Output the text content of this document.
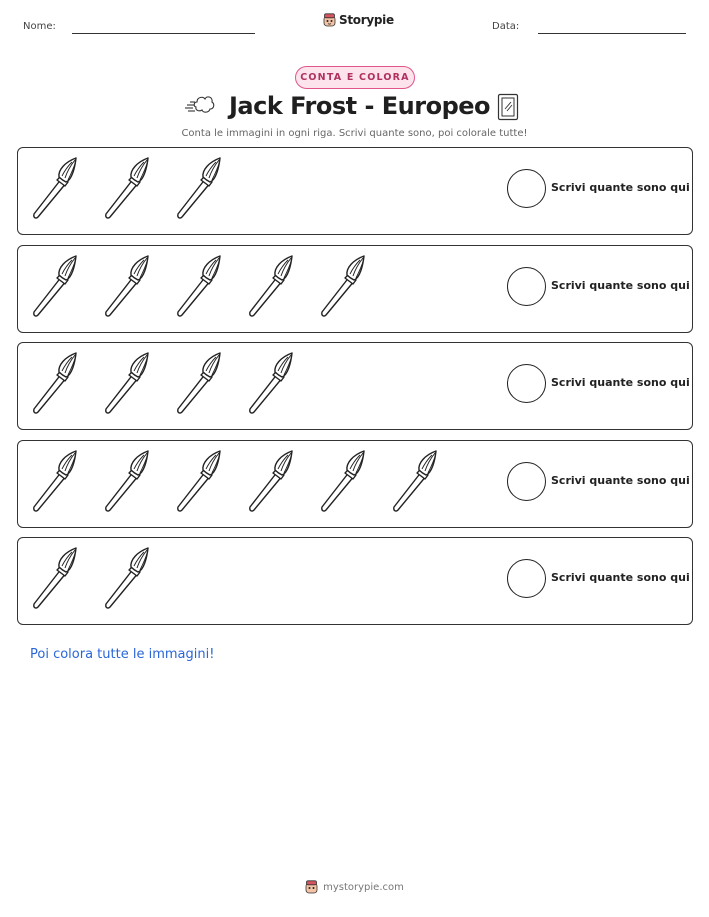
Nome:	Storypie	Data:
CONTA E COLORA
Jack Frost - Europeo
Conta le immagini in ogni riga. Scrivi quante sono, poi colorale tutte!
Scrivi quante sono qui
Scrivi quante sono qui
Scrivi quante sono qui
Scrivi quante sono qui
Scrivi quante sono qui
Poi colora tutte le immagini!
mystorypie.com
